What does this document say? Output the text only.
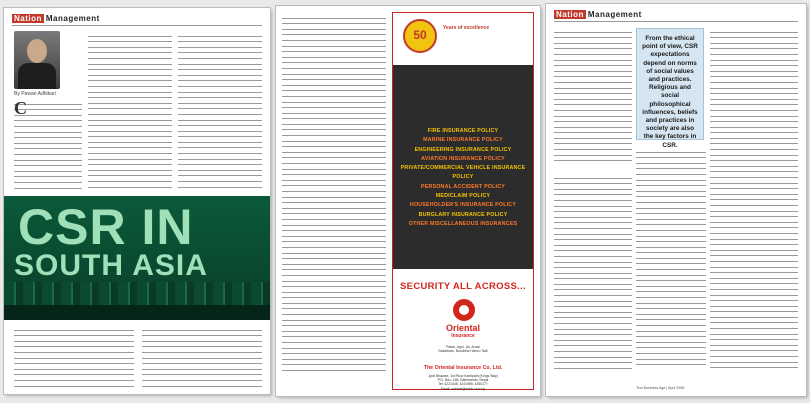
Nation Management
By Pawan Adhikari
C
CSR IN
SOUTH ASIA
50	Years of excellence
FIRE INSURANCE POLICY
MARINE INSURANCE POLICY
ENGINEERING INSURANCE POLICY
AVIATION INSURANCE POLICY
PRIVATE/COMMERCIAL VEHICLE INSURANCE POLICY
PERSONAL ACCIDENT POLICY
MEDICLAIM POLICY
HOUSEHOLDER'S INSURANCE POLICY
BURGLARY INSURANCE POLICY
OTHER MISCELLANEOUS INSURANCES
SECURITY ALL ACROSS...
Oriental
Insurance
Patan, Agni, Jai, Aruwi
Satdobato, Bouddha Hamro Tatti
The Oriental Insurance Co. Ltd.
Jyoti Bhawan, 1st Floor Kantipath (Kings Way)
P.O. Box: 165, Kathmandu, Nepal
Tel: 4221448, 4241985, 4250177
Email: oriental@wlink.com.np
Nation Management
From the ethical point of view, CSR expectations depend on norms of social values and practices. Religious and social philosophical influences, beliefs and practices in society are also the key factors in CSR.
Text Business Age | April 2008
